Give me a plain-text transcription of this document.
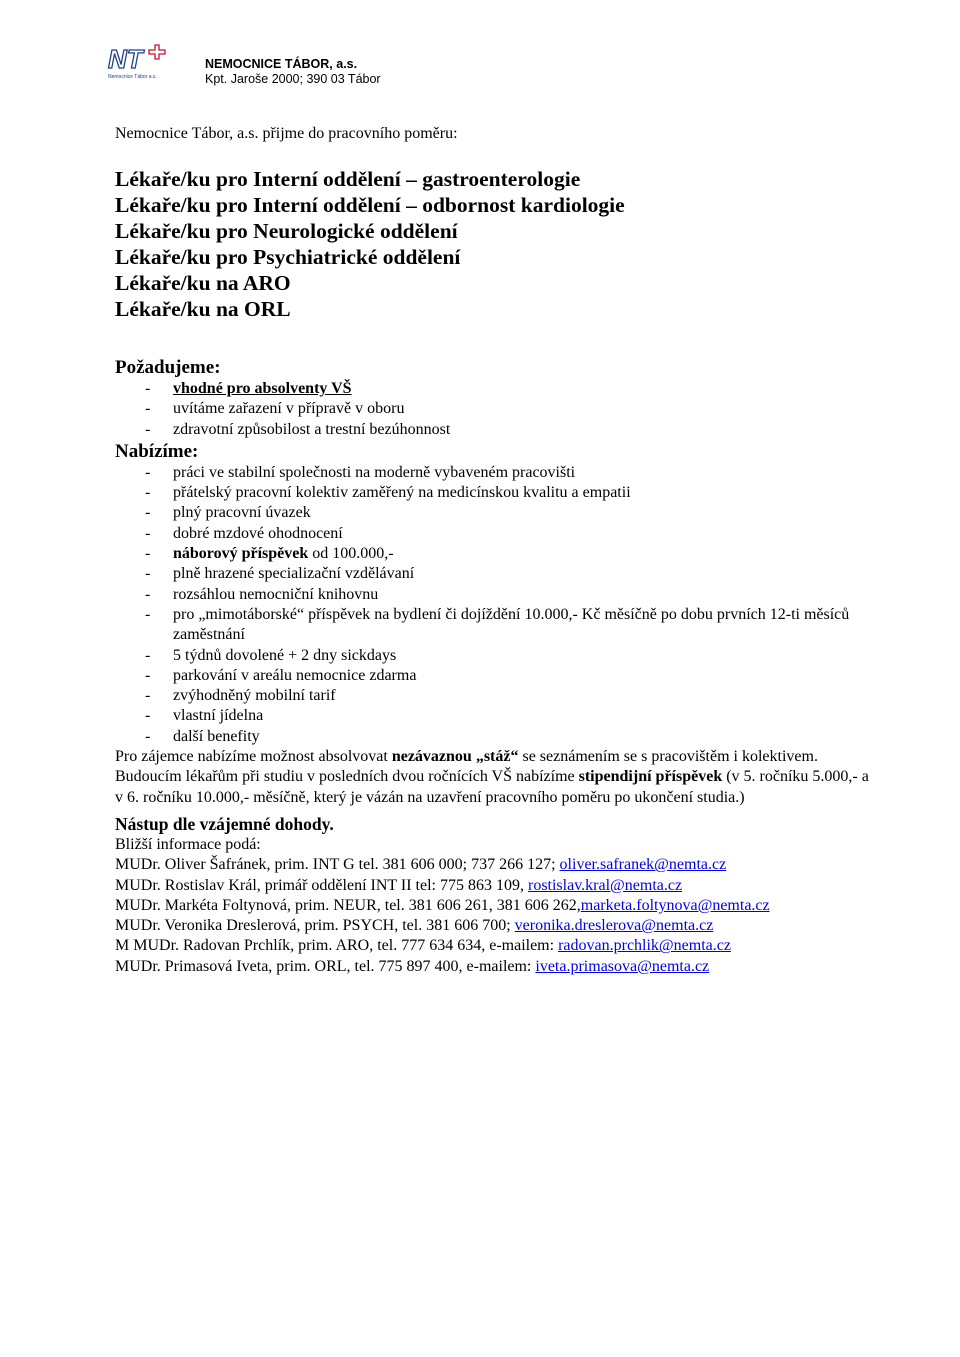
NT
Nemocnice Tábor a.s.
NEMOCNICE TÁBOR, a.s.
Kpt. Jaroše 2000; 390 03 Tábor
Nemocnice Tábor, a.s. přijme do pracovního poměru:
Lékaře/ku pro Interní oddělení – gastroenterologie
Lékaře/ku pro Interní oddělení – odbornost kardiologie
Lékaře/ku pro Neurologické oddělení
Lékaře/ku pro Psychiatrické oddělení
Lékaře/ku na ARO
Lékaře/ku na ORL
Požadujeme:
- vhodné pro absolventy VŠ
- uvítáme zařazení v přípravě v oboru
- zdravotní způsobilost a trestní bezúhonnost
Nabízíme:
- práci ve stabilní společnosti na moderně vybaveném pracovišti
- přátelský pracovní kolektiv zaměřený na medicínskou kvalitu a empatii
- plný pracovní úvazek
- dobré mzdové ohodnocení
- náborový příspěvek od 100.000,-
- plně hrazené specializační vzdělávaní
- rozsáhlou nemocniční knihovnu
- pro „mimotáborské“ příspěvek na bydlení či dojíždění 10.000,- Kč měsíčně po dobu prvních 12-ti měsíců zaměstnání
- 5 týdnů dovolené + 2 dny sickdays
- parkování v areálu nemocnice zdarma
- zvýhodněný mobilní tarif
- vlastní jídelna
- další benefity

Pro zájemce nabízíme možnost absolvovat nezávaznou „stáž“ se seznámením se s pracovištěm i kolektivem.

Budoucím lékařům při studiu v posledních dvou ročnících VŠ nabízíme stipendijní příspěvek (v 5. ročníku 5.000,- a v 6. ročníku 10.000,- měsíčně, který je vázán na uzavření pracovního poměru po ukončení studia.)

Nástup dle vzájemné dohody.

Bližší informace podá:

MUDr. Oliver Šafránek, prim. INT G tel. 381 606 000; 737 266 127; oliver.safranek@nemta.cz

MUDr. Rostislav Král, primář oddělení INT II tel: 775 863 109, rostislav.kral@nemta.cz

MUDr. Markéta Foltynová, prim. NEUR, tel. 381 606 261, 381 606 262,marketa.foltynova@nemta.cz

MUDr. Veronika Dreslerová, prim. PSYCH, tel. 381 606 700; veronika.dreslerova@nemta.cz

M MUDr. Radovan Prchlík, prim. ARO, tel. 777 634 634, e-mailem: radovan.prchlik@nemta.cz

MUDr. Primasová Iveta, prim. ORL, tel. 775 897 400, e-mailem: iveta.primasova@nemta.cz
